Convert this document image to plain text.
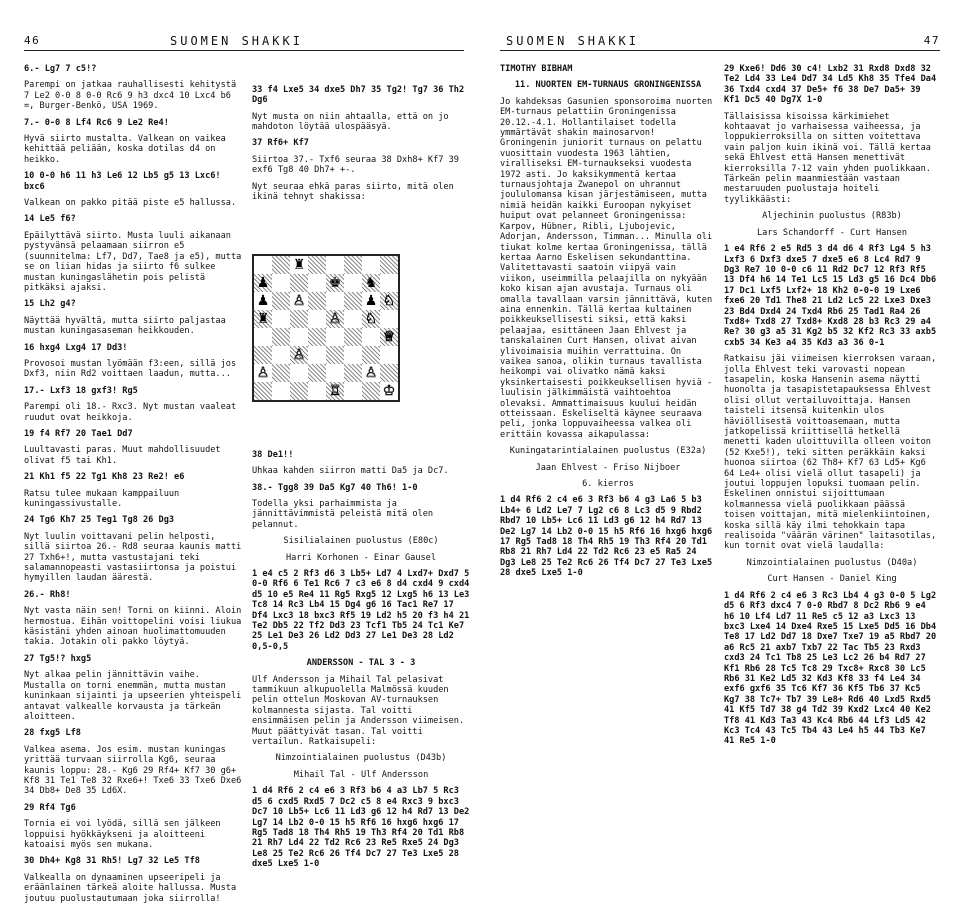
46	SUOMEN SHAKKI	SUOMEN SHAKKI	47

6.- Lg7 7 c5!?

Parempi on jatkaa rauhallisesti kehitystä 7 Le2 0-0 8 0-0 Rc6 9 h3 dxc4 10 Lxc4 b6 =, Burger-Benkö, USA 1969.

7.- 0-0 8 Lf4 Rc6 9 Le2 Re4!

Hyvä siirto mustalta. Valkean on vaikea kehittää peliään, koska dotilas d4 on heikko.

10 0-0 h6 11 h3 Le6 12 Lb5 g5 13 Lxc6! bxc6

Valkean on pakko pitää piste e5 hallussa.

14 Le5 f6?

Epäilyttävä siirto. Musta luuli aikanaan pystyvänsä pelaamaan siirron e5 (suunnitelma: Lf7, Dd7, Tae8 ja e5), mutta se on liian hidas ja siirto f6 sulkee mustan kuningaslähetin pois pelistä pitkäksi ajaksi.

15 Lh2 g4?

Näyttää hyvältä, mutta siirto paljastaa mustan kuningasaseman heikkouden.

16 hxg4 Lxg4 17 Dd3!

Provosoi mustan lyömään f3:een, sillä jos Dxf3, niin Rd2 voittaen laadun, mutta...

17.- Lxf3 18 gxf3! Rg5

Parempi oli 18.- Rxc3. Nyt mustan vaaleat ruudut ovat heikkoja.

19 f4 Rf7 20 Tae1 Dd7

Luultavasti paras. Muut mahdollisuudet olivat f5 tai Kh1.

21 Kh1 f5 22 Tg1 Kh8 23 Re2! e6

Ratsu tulee mukaan kamppailuun kuningassivustalle.

24 Tg6 Kh7 25 Teg1 Tg8 26 Dg3

Nyt luulin voittavani pelin helposti, sillä siirtoa 26.- Rd8 seuraa kaunis matti 27 Txh6+!, mutta vastustajani teki salamannopeasti vastasiirtonsa ja poistui hymyillen laudan äärestä.

26.- Rh8!

Nyt vasta näin sen! Torni on kiinni. Aloin hermostua. Eihän voittopelini voisi liukua käsistäni yhden ainoan huolimattomuuden takia. Jotakin oli pakko löytyä.

27 Tg5!? hxg5

Nyt alkaa pelin jännittävin vaihe. Mustalla on torni enemmän, mutta mustan kuninkaan sijainti ja upseerien yhteispeli antavat valkealle korvausta ja tärkeän aloitteen.

28 fxg5 Lf8

Valkea asema. Jos esim. mustan kuningas yrittää turvaan siirrolla Kg6, seuraa kaunis loppu: 28.- Kg6 29 Rf4+ Kf7 30 g6+ Kf8 31 Te1 Te8 32 Rxe6+! Txe6 33 Txe6 Dxe6 34 Db8+ De8 35 Ld6X.

29 Rf4 Tg6

Tornia ei voi lyödä, sillä sen jälkeen loppuisi hyökkäykseni ja aloitteeni katoaisi myös sen mukana.

30 Dh4+ Kg8 31 Rh5! Lg7 32 Le5 Tf8

Valkealla on dynaaminen upseeripeli ja eräänlainen tärkeä aloite hallussa. Musta joutuu puolustautumaan joka siirrolla!

33 f4 Lxe5 34 dxe5 Dh7 35 Tg2! Tg7 36 Th2 Dg6

Nyt musta on niin ahtaalla, että on jo mahdoton löytää ulospääsyä.

37 Rf6+ Kf7

Siirtoa 37.- Txf6 seuraa 38 Dxh8+ Kf7 39 exf6 Tg8 40 Dh7+ +-.

Nyt seuraa ehkä paras siirto, mitä olen ikinä tehnyt shakissa:

♜
♟	♚ ♞
♟ ♙	♟ ♘
♜	♙ ♘
♕
♙
♙	♙
♖	♔

38 De1!!

Uhkaa kahden siirron matti Da5 ja Dc7.

38.- Tgg8 39 Da5 Kg7 40 Th6! 1-0

Todella yksi parhaimmista ja jännittävimmistä peleistä mitä olen pelannut.

Sisilialainen puolustus (E80c)

Harri Korhonen - Einar Gausel

1 e4 c5 2 Rf3 d6 3 Lb5+ Ld7 4 Lxd7+ Dxd7 5 0-0 Rf6 6 Te1 Rc6 7 c3 e6 8 d4 cxd4 9 cxd4 d5 10 e5 Re4 11 Rg5 Rxg5 12 Lxg5 h6 13 Le3 Tc8 14 Rc3 Lb4 15 Dg4 g6 16 Tac1 Re7 17 Df4 Lxc3 18 bxc3 Rf5 19 Ld2 h5 20 f3 h4 21 Te2 Db5 22 Tf2 Dd3 23 Tcf1 Tb5 24 Tc1 Ke7 25 Le1 De3 26 Ld2 Dd3 27 Le1 De3 28 Ld2 0,5-0,5

ANDERSSON - TAL 3 - 3

Ulf Andersson ja Mihail Tal pelasivat tammikuun alkupuolella Malmössä kuuden pelin ottelun Moskovan AV-turnauksen kolmannesta sijasta. Tal voitti ensimmäisen pelin ja Andersson viimeisen. Muut päättyivät tasan. Tal voitti vertailun. Ratkaisupeli:

Nimzointialainen puolustus (D43b)

Mihail Tal - Ulf Andersson

1 d4 Rf6 2 c4 e6 3 Rf3 b6 4 a3 Lb7 5 Rc3 d5 6 cxd5 Rxd5 7 Dc2 c5 8 e4 Rxc3 9 bxc3 Dc7 10 Lb5+ Lc6 11 Ld3 g6 12 h4 Rd7 13 De2 Lg7 14 Lb2 0-0 15 h5 Rf6 16 hxg6 hxg6 17 Rg5 Tad8 18 Th4 Rh5 19 Th3 Rf4 20 Td1 Rb8 21 Rh7 Ld4 22 Td2 Rc6 23 Re5 Rxe5 24 Dg3 Le8 25 Te2 Rc6 26 Tf4 Dc7 27 Te3 Lxe5 28 dxe5 Lxe5 1-0

TIMOTHY BIBHAM

11. NUORTEN EM-TURNAUS GRONINGENISSA

Jo kahdeksas Gasunien sponsoroima nuorten EM-turnaus pelattiin Groningenissa 20.12.-4.1. Hollantilaiset todella ymmärtävät shakin mainosarvon! Groningenin juniorit turnaus on pelattu vuosittain vuodesta 1963 lähtien, viralliseksi EM-turnaukseksi vuodesta 1972 asti. Jo kaksikymmentä kertaa turnausjohtaja Zwanepol on uhrannut joululomansa kisan järjestämiseen, mutta nimiä heidän kaikki Euroopan nykyiset huiput ovat pelanneet Groningenissa: Karpov, Hübner, Ribli, Ljubojevic, Adorjan, Andersson, Timman... Minulla oli tiukat kolme kertaa Groningenissa, tällä kertaa Aarno Eskelisen sekundanttina. Valitettavasti saatoin viipyä vain viikon, useimmilla pelaajilla on nykyään koko kisan ajan avustaja. Turnaus oli omalla tavallaan varsin jännittävä, kuten aina ennenkin. Tällä kertaa kultainen poikkeuksellisesti siksi, että kaksi pelaajaa, esittäneen Jaan Ehlvest ja tanskalainen Curt Hansen, olivat aivan ylivoimaisia muihin verrattuina. On vaikea sanoa, olikin turnaus tavallista heikompi vai olivatko nämä kaksi yksinkertaisesti poikkeuksellisen hyviä - luulisin jälkimmäistä vaihtoehtoa olevaksi. Ammattimaisuus kuului heidän otteissaan. Eskeliseltä käynee seuraava peli, jonka loppuvaiheessa valkea oli erittäin kovassa aikapulassa:

Kuningatarintialainen puolustus (E32a)

Jaan Ehlvest - Friso Nijboer

6. kierros

1 d4 Rf6 2 c4 e6 3 Rf3 b6 4 g3 La6 5 b3 Lb4+ 6 Ld2 Le7 7 Lg2 c6 8 Lc3 d5 9 Rbd2 Rbd7 10 Lb5+ Lc6 11 Ld3 g6 12 h4 Rd7 13 De2 Lg7 14 Lb2 0-0 15 h5 Rf6 16 hxg6 hxg6 17 Rg5 Tad8 18 Th4 Rh5 19 Th3 Rf4 20 Td1 Rb8 21 Rh7 Ld4 22 Td2 Rc6 23 e5 Ra5 24 Dg3 Le8 25 Te2 Rc6 26 Tf4 Dc7 27 Te3 Lxe5 28 dxe5 Lxe5 1-0

29 Kxe6! Dd6 30 c4! Lxb2 31 Rxd8 Dxd8 32 Te2 Ld4 33 Le4 Dd7 34 Ld5 Kh8 35 Tfe4 Da4 36 Txd4 cxd4 37 De5+ f6 38 De7 Da5+ 39 Kf1 Dc5 40 Dg7X 1-0

Tällaisissa kisoissa kärkimiehet kohtaavat jo varhaisessa vaiheessa, ja loppukierroksilla on sitten voitettava vain paljon kuin ikinä voi. Tällä kertaa sekä Ehlvest että Hansen menettivät kierroksilla 7-12 vain yhden puolikkaan. Tärkeän pelin maanmiestään vastaan mestaruuden puolustaja hoiteli tyylikkäästi:

Aljechinin puolustus (R83b)

Lars Schandorff - Curt Hansen

1 e4 Rf6 2 e5 Rd5 3 d4 d6 4 Rf3 Lg4 5 h3 Lxf3 6 Dxf3 dxe5 7 dxe5 e6 8 Lc4 Rd7 9 Dg3 Re7 10 0-0 c6 11 Rd2 Dc7 12 Rf3 Rf5 13 Df4 h6 14 Te1 Lc5 15 Ld3 g5 16 Dc4 Db6 17 Dc1 Lxf5 Lxf2+ 18 Kh2 0-0-0 19 Lxe6 fxe6 20 Td1 The8 21 Ld2 Lc5 22 Lxe3 Dxe3 23 Bd4 Dxd4 24 Txd4 Rb6 25 Tad1 Ra4 26 Txd8+ Txd8 27 Txd8+ Kxd8 28 b3 Rc3 29 a4 Re? 30 g3 a5 31 Kg2 b5 32 Kf2 Rc3 33 axb5 cxb5 34 Ke3 a4 35 Kd3 a3 36 0-1

Ratkaisu jäi viimeisen kierroksen varaan, jolla Ehlvest teki varovasti nopean tasapelin, koska Hansenin asema näytti huonolta ja tasapistetapauksessa Ehlvest olisi ollut vertailuvoittaja. Hansen taisteli itsensä kuitenkin ulos häviöllisestä voittoasemaan, mutta jatkopelissä kriittisellä hetkellä menetti kaden uloittuvilla olleen voiton (52 Kxe5!), teki sitten peräkkäin kaksi huonoa siirtoa (62 Th8+ Kf7 63 Ld5+ Kg6 64 Le4+ olisi vielä ollut tasapeli) ja joutui loppujen lopuksi tuomaan pelin. Eskelinen onnistui sijoittumaan kolmannessa vielä puolikkaan päässä toisen voittajan, mitä mielenkiintoinen, koska sillä käy ilmi tehokkain tapa realisoida "väärän värinen" laitasotilas, kun tornit ovat vielä laudalla:

Nimzointialainen puolustus (D40a)

Curt Hansen - Daniel King

1 d4 Rf6 2 c4 e6 3 Rc3 Lb4 4 g3 0-0 5 Lg2 d5 6 Rf3 dxc4 7 0-0 Rbd7 8 Dc2 Rb6 9 e4 h6 10 Lf4 Ld7 11 Re5 c5 12 a3 Lxc3 13 bxc3 Lxe4 14 Dxe4 Rxe5 15 Lxe5 Dd5 16 Db4 Te8 17 Ld2 Dd7 18 Dxe7 Txe7 19 a5 Rbd7 20 a6 Rc5 21 axb7 Txb7 22 Tac Tb5 23 Rxd3 cxd3 24 Tc1 Tb8 25 Le3 Lc2 26 b4 Rd7 27 Kf1 Rb6 28 Tc5 Tc8 29 Txc8+ Rxc8 30 Lc5 Rb6 31 Ke2 Ld5 32 Kd3 Kf8 33 f4 Le4 34 exf6 gxf6 35 Tc6 Kf7 36 Kf5 Tb6 37 Kc5 Kg7 38 Tc7+ Tb7 39 Le8+ Rd6 40 Lxd5 Rxd5 41 Kf5 Td7 38 g4 Td2 39 Kxd2 Lxc4 40 Ke2 Tf8 41 Kd3 Ta3 43 Kc4 Rb6 44 Lf3 Ld5 42 Kc3 Tc4 43 Tc5 Tb4 43 Le4 h5 44 Tb3 Ke7 41 Re5 1-0
